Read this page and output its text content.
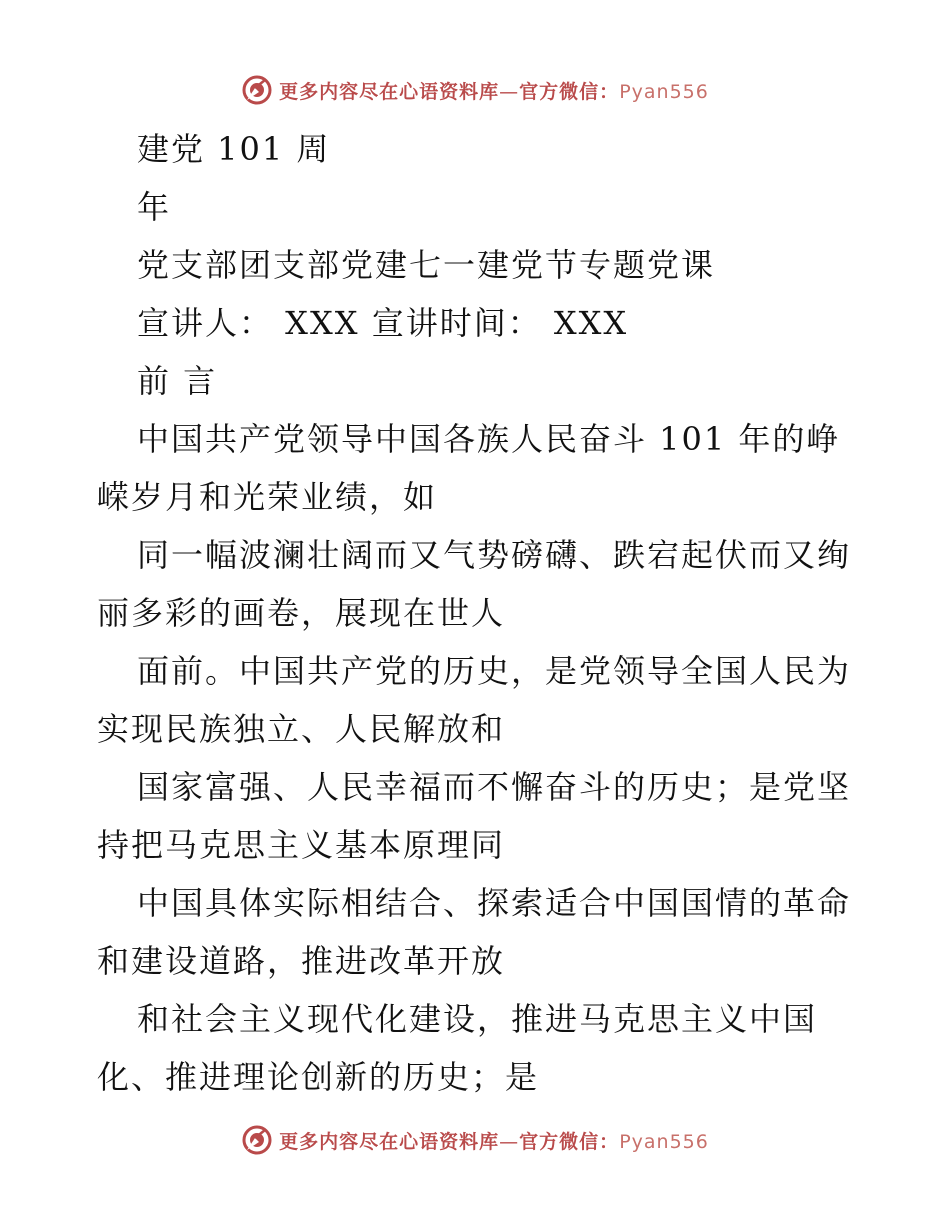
更多内容尽在心语资料库—官方微信：Pyan556
建党 101 周
年
党支部团支部党建七一建党节专题党课
宣讲人： XXX 宣讲时间： XXX
前 言
中国共产党领导中国各族人民奋斗 101 年的峥
嵘岁月和光荣业绩，如
同一幅波澜壮阔而又气势磅礴、跌宕起伏而又绚
丽多彩的画卷，展现在世人
面前。中国共产党的历史，是党领导全国人民为
实现民族独立、人民解放和
国家富强、人民幸福而不懈奋斗的历史；是党坚
持把马克思主义基本原理同
中国具体实际相结合、探索适合中国国情的革命
和建设道路，推进改革开放
和社会主义现代化建设，推进马克思主义中国
化、推进理论创新的历史；是
更多内容尽在心语资料库—官方微信：Pyan556
